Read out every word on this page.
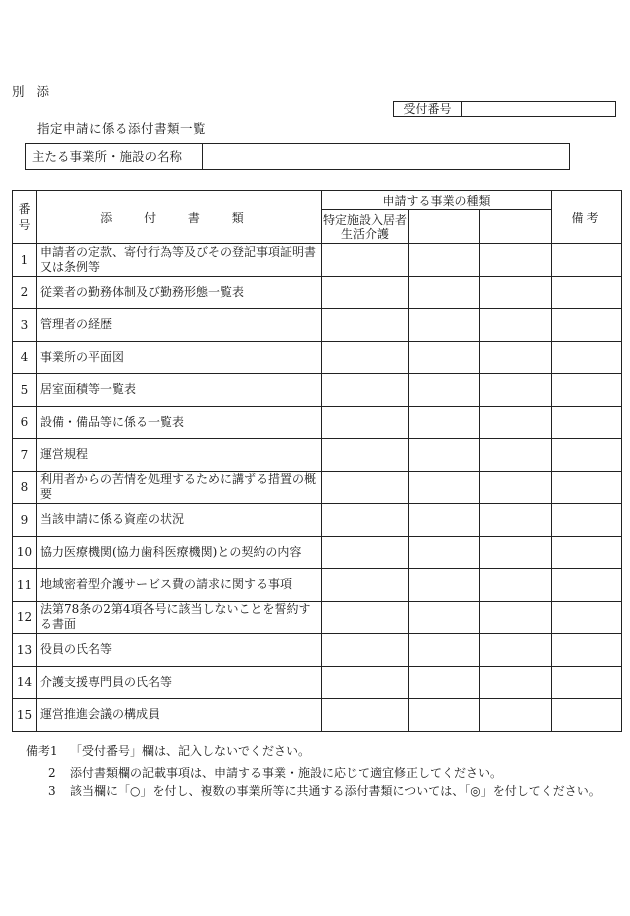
別 添
受付番号
指定申請に係る添付書類一覧
主たる事業所・施設の名称
番
号	添 付 書 類	申請する事業の種類			備考
		特定施設入居者
生活介護			
1	申請者の定款、寄付行為等及びその登記事項証明書又は条例等				
2	従業者の勤務体制及び勤務形態一覧表				
3	管理者の経歴				
4	事業所の平面図				
5	居室面積等一覧表				
6	設備・備品等に係る一覧表				
7	運営規程				
8	利用者からの苦情を処理するために講ずる措置の概要				
9	当該申請に係る資産の状況				
10	協力医療機関(協力歯科医療機関)との契約の内容				
11	地域密着型介護サービス費の請求に関する事項				
12	法第78条の2第4項各号に該当しないことを誓約する書面				
13	役員の氏名等				
14	介護支援専門員の氏名等				
15	運営推進会議の構成員				
備考1 「受付番号」欄は、記入しないでください。
2 添付書類欄の記載事項は、申請する事業・施設に応じて適宜修正してください。
3 該当欄に「○」を付し、複数の事業所等に共通する添付書類については、「◎」を付してください。
